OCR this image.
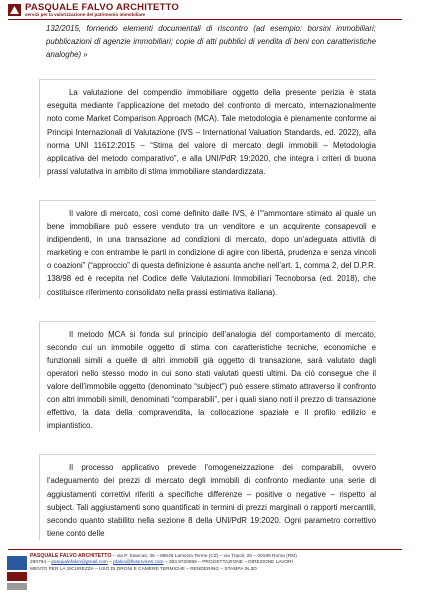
PASQUALE FALVO ARCHITETTO
servizi per la valorizzazione del patrimonio immobiliare

132/2015, fornendo elementi documentali di riscontro (ad esempio: borsini immobiliari; pubblicazioni di agenzie immobiliari; copie di atti pubblici di vendita di beni con caratteristiche analoghe) »

La valutazione del compendio immobiliare oggetto della presente perizia è stata eseguita mediante l’applicazione del metodo del confronto di mercato, internazionalmente noto come Market Comparison Approach (MCA). Tale metodologia è pienamente conforme ai Principi Internazionali di Valutazione (IVS – International Valuation Standards, ed. 2022), alla norma UNI 11612:2015 – “Stima del valore di mercato degli immobili – Metodologia applicativa del metodo comparativo”, e alla UNI/PdR 19:2020, che integra i criteri di buona prassi valutativa in ambito di stima immobiliare standardizzata.

Il valore di mercato, così come definito dalle IVS, è l’“ammontare stimato al quale un bene immobiliare può essere venduto tra un venditore e un acquirente consapevoli e indipendenti, in una transazione ad condizioni di mercato, dopo un’adeguata attività di marketing e con entrambe le parti in condizione di agire con libertà, prudenza e senza vincoli o coazioni” (“approccio” di questa definizione è assunta anche nell’art. 1, comma 2, del D.P.R. 138/98 ed è recepita nel Codice delle Valutazioni Immobiliari Tecnoborsa (ed. 2018), che costituisce riferimento consolidato nella prassi estimativa italiana).

Il metodo MCA si fonda sul principio dell’analogia del comportamento di mercato, secondo cui un immobile oggetto di stima con caratteristiche tecniche, economiche e funzionali simili a quelle di altri immobili già oggetto di transazione, sarà valutato dagli operatori nello stesso modo in cui sono stati valutati questi ultimi. Da ciò consegue che il valore dell’immobile oggetto (denominato “subject”) può essere stimato attraverso il confronto con altri immobili simili, denominati “comparabili”, per i quali siano noti il prezzo di transazione effettivo, la data della compravendita, la collocazione spaziale e il profilo edilizio e impiantistico.

Il processo applicativo prevede l’omogeneizzazione dei comparabili, ovvero l’adeguamento dei prezzi di mercato degli immobili di confronto mediante una serie di aggiustamenti correttivi riferiti a specifiche differenze – positive o negative – rispetto al subject. Tali aggiustamenti sono quantificati in termini di prezzi marginali o rapporti mercantili, secondo quanto stabilito nella sezione 8 della UNI/PdR 19:2020. Ogni parametro correttivo tiene conto delle

PASQUALE FALVO ARCHITETTO – via P. Stancati, 36 – 88046 Lamezia Terme (CZ) – via Tripoli, 20 – 00199 Roma (RM)
290794 – pasqualefalvo@gmail.com – pfalvo@fivservices.com – 393.9720895 – PROGETTAZIONE – DIREZIONE LAVORI
MENTO PER LA SICUREZZA – USO DI DRONI E CAMERE TERMICHE – RENDERING – STAMPA IN 3D
